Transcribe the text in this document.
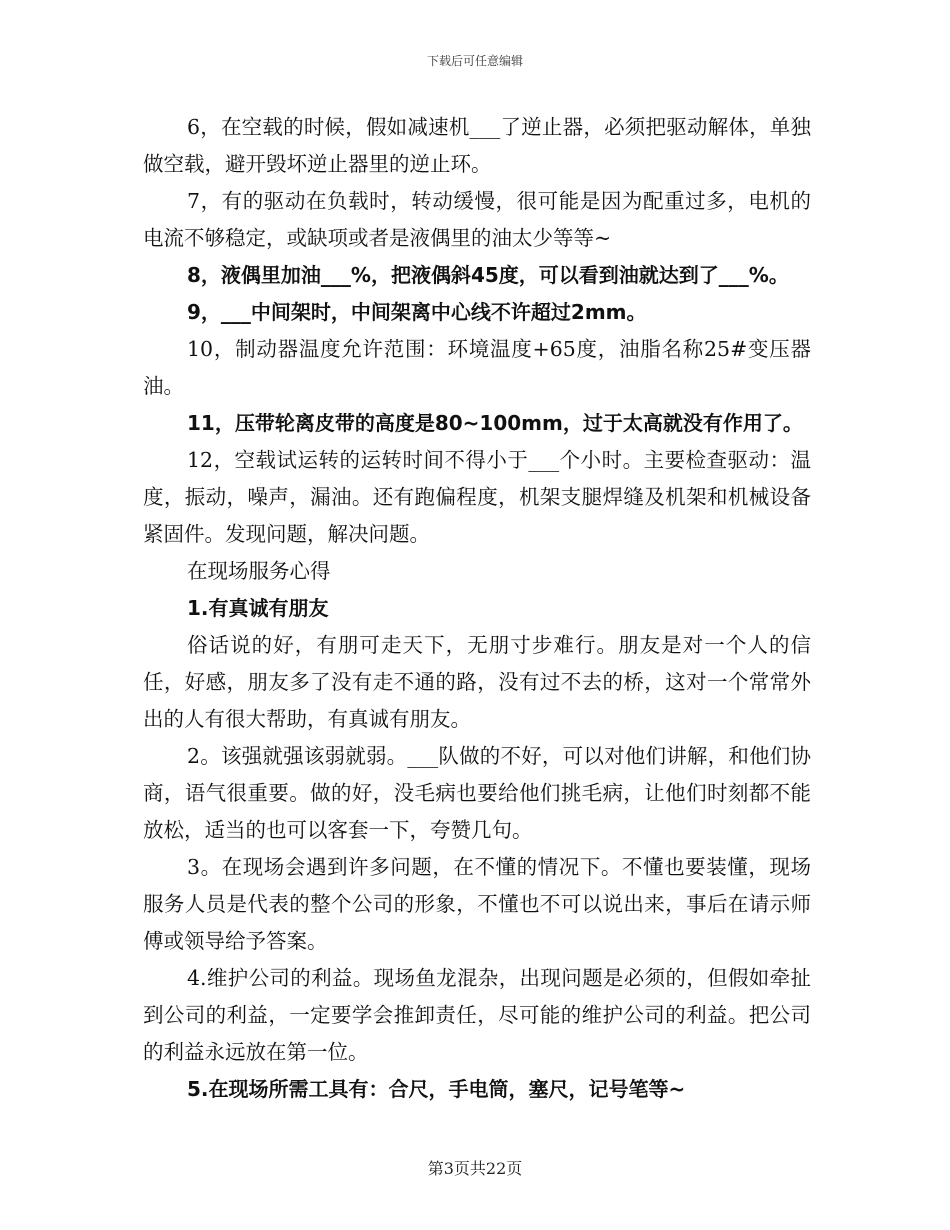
下载后可任意编辑

6，在空载的时候，假如减速机___了逆止器，必须把驱动解体，单独做空载，避开毁坏逆止器里的逆止环。

7，有的驱动在负载时，转动缓慢，很可能是因为配重过多，电机的电流不够稳定，或缺项或者是液偶里的油太少等等~

8，液偶里加油___%，把液偶斜45度，可以看到油就达到了___%。

9，___中间架时，中间架离中心线不许超过2mm。

10，制动器温度允许范围：环境温度+65度，油脂名称25#变压器油。

11，压带轮离皮带的高度是80~100mm，过于太高就没有作用了。

12，空载试运转的运转时间不得小于___个小时。主要检查驱动：温度，振动，噪声，漏油。还有跑偏程度，机架支腿焊缝及机架和机械设备紧固件。发现问题，解决问题。

在现场服务心得

1.有真诚有朋友

俗话说的好，有朋可走天下，无朋寸步难行。朋友是对一个人的信任，好感，朋友多了没有走不通的路，没有过不去的桥，这对一个常常外出的人有很大帮助，有真诚有朋友。

2。该强就强该弱就弱。___队做的不好，可以对他们讲解，和他们协商，语气很重要。做的好，没毛病也要给他们挑毛病，让他们时刻都不能放松，适当的也可以客套一下，夸赞几句。

3。在现场会遇到许多问题，在不懂的情况下。不懂也要装懂，现场服务人员是代表的整个公司的形象，不懂也不可以说出来，事后在请示师傅或领导给予答案。

4.维护公司的利益。现场鱼龙混杂，出现问题是必须的，但假如牵扯到公司的利益，一定要学会推卸责任，尽可能的维护公司的利益。把公司的利益永远放在第一位。

5.在现场所需工具有：合尺，手电筒，塞尺，记号笔等~

第3页共22页
